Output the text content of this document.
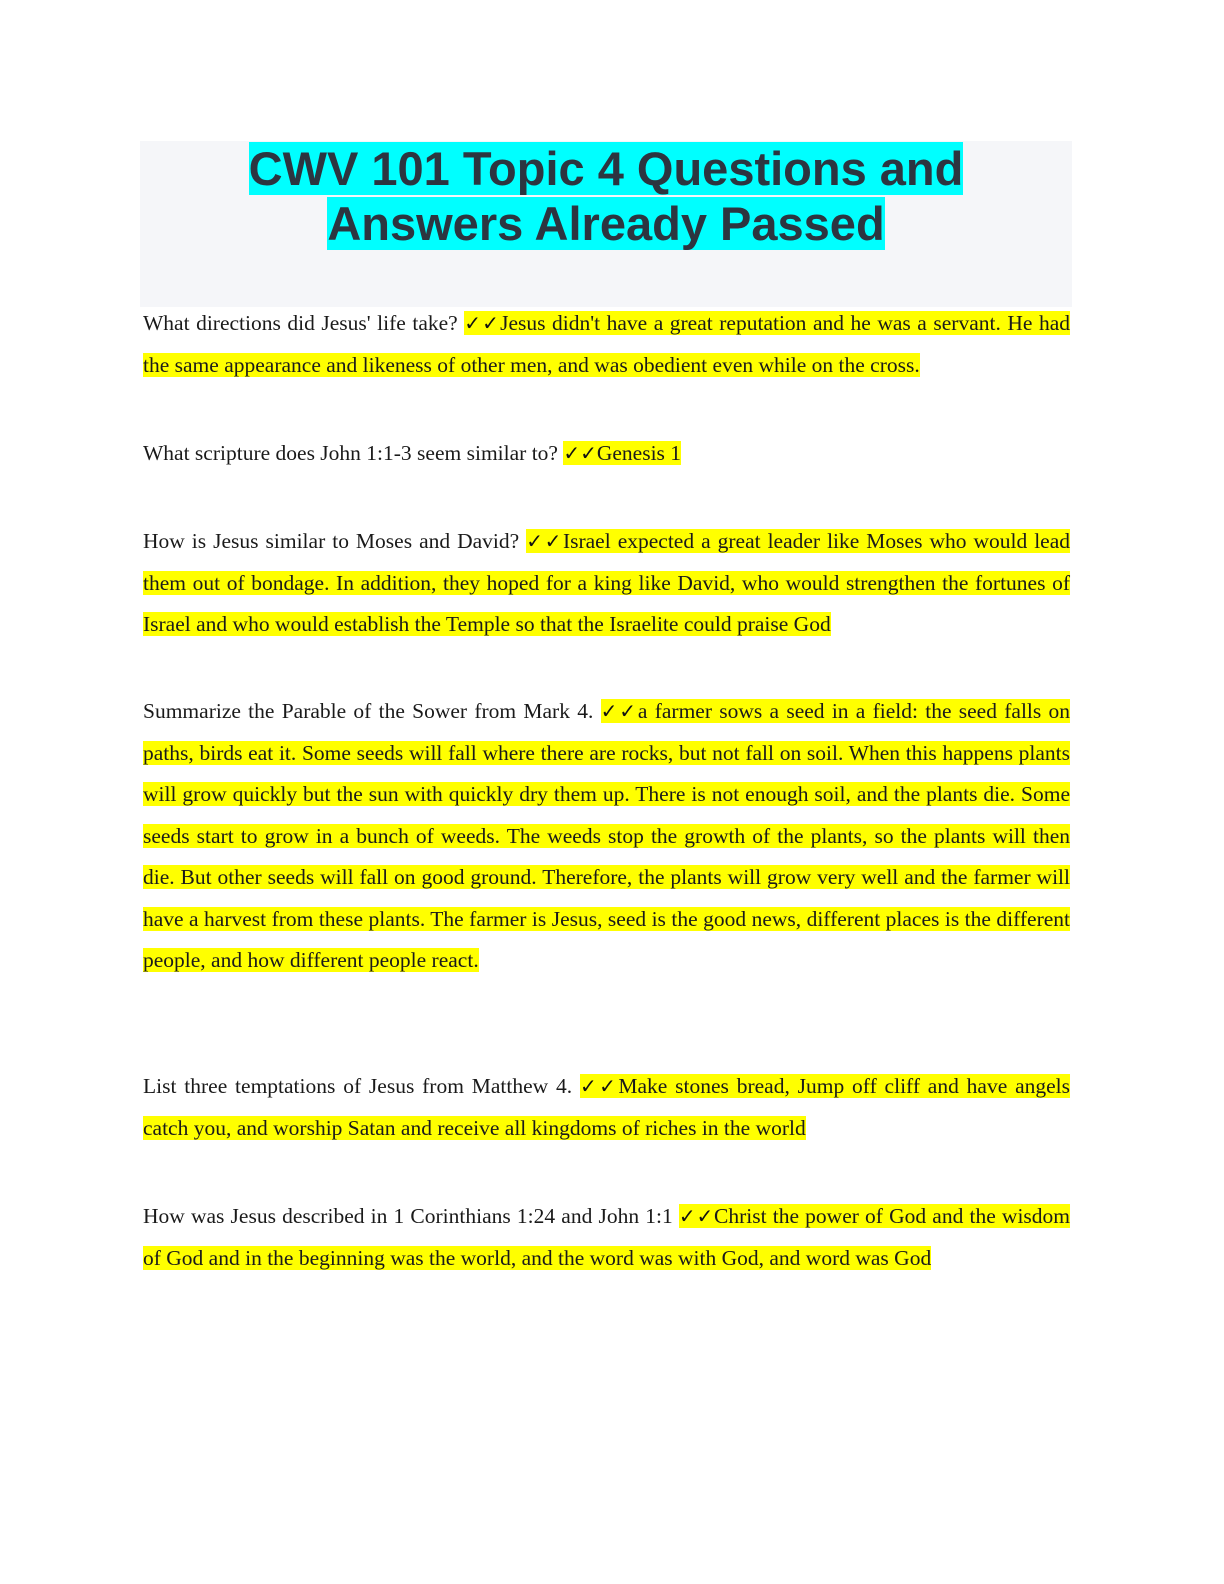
CWV 101 Topic 4 Questions and
Answers Already Passed

What directions did Jesus' life take? ✓✓Jesus didn't have a great reputation and he was a servant. He had the same appearance and likeness of other men, and was obedient even while on the cross.

What scripture does John 1:1-3 seem similar to? ✓✓Genesis 1

How is Jesus similar to Moses and David? ✓✓Israel expected a great leader like Moses who would lead them out of bondage. In addition, they hoped for a king like David, who would strengthen the fortunes of Israel and who would establish the Temple so that the Israelite could praise God

Summarize the Parable of the Sower from Mark 4. ✓✓a farmer sows a seed in a field: the seed falls on paths, birds eat it. Some seeds will fall where there are rocks, but not fall on soil. When this happens plants will grow quickly but the sun with quickly dry them up. There is not enough soil, and the plants die. Some seeds start to grow in a bunch of weeds. The weeds stop the growth of the plants, so the plants will then die. But other seeds will fall on good ground. Therefore, the plants will grow very well and the farmer will have a harvest from these plants. The farmer is Jesus, seed is the good news, different places is the different people, and how different people react.

List three temptations of Jesus from Matthew 4. ✓✓Make stones bread, Jump off cliff and have angels catch you, and worship Satan and receive all kingdoms of riches in the world

How was Jesus described in 1 Corinthians 1:24 and John 1:1 ✓✓Christ the power of God and the wisdom of God and in the beginning was the world, and the word was with God, and word was God
